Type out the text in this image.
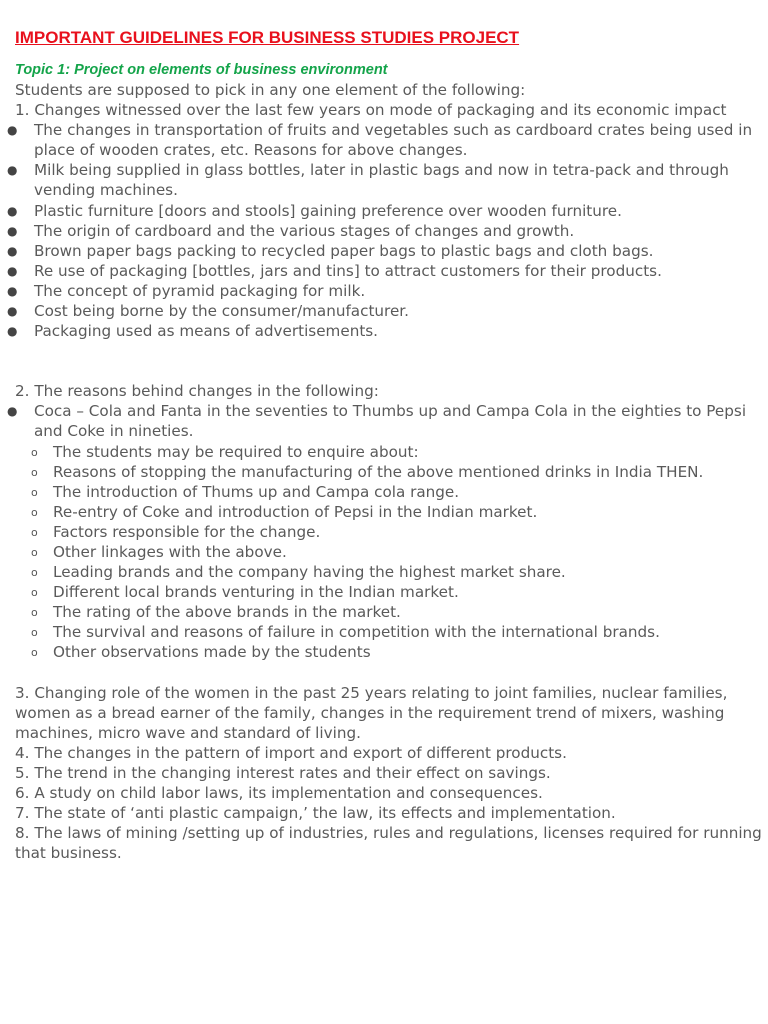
IMPORTANT GUIDELINES FOR BUSINESS STUDIES PROJECT
Topic 1: Project on elements of business environment

Students are supposed to pick in any one element of the following:

1. Changes witnessed over the last few years on mode of packaging and its economic impact

● The changes in transportation of fruits and vegetables such as cardboard crates being used in place of wooden crates, etc. Reasons for above changes.
● Milk being supplied in glass bottles, later in plastic bags and now in tetra-pack and through vending machines.
● Plastic furniture [doors and stools] gaining preference over wooden furniture.
● The origin of cardboard and the various stages of changes and growth.
● Brown paper bags packing to recycled paper bags to plastic bags and cloth bags.
● Re use of packaging [bottles, jars and tins] to attract customers for their products.
● The concept of pyramid packaging for milk.
● Cost being borne by the consumer/manufacturer.
● Packaging used as means of advertisements.

2. The reasons behind changes in the following:

● Coca – Cola and Fanta in the seventies to Thumbs up and Campa Cola in the eighties to Pepsi and Coke in nineties.
o The students may be required to enquire about:
o Reasons of stopping the manufacturing of the above mentioned drinks in India THEN.
o The introduction of Thums up and Campa cola range.
o Re-entry of Coke and introduction of Pepsi in the Indian market.
o Factors responsible for the change.
o Other linkages with the above.
o Leading brands and the company having the highest market share.
o Different local brands venturing in the Indian market.
o The rating of the above brands in the market.
o The survival and reasons of failure in competition with the international brands.
o Other observations made by the students

3. Changing role of the women in the past 25 years relating to joint families, nuclear families, women as a bread earner of the family, changes in the requirement trend of mixers, washing machines, micro wave and standard of living.

4. The changes in the pattern of import and export of different products.

5. The trend in the changing interest rates and their effect on savings.

6. A study on child labor laws, its implementation and consequences.

7. The state of ‘anti plastic campaign,’ the law, its effects and implementation.

8. The laws of mining /setting up of industries, rules and regulations, licenses required for running that business.
